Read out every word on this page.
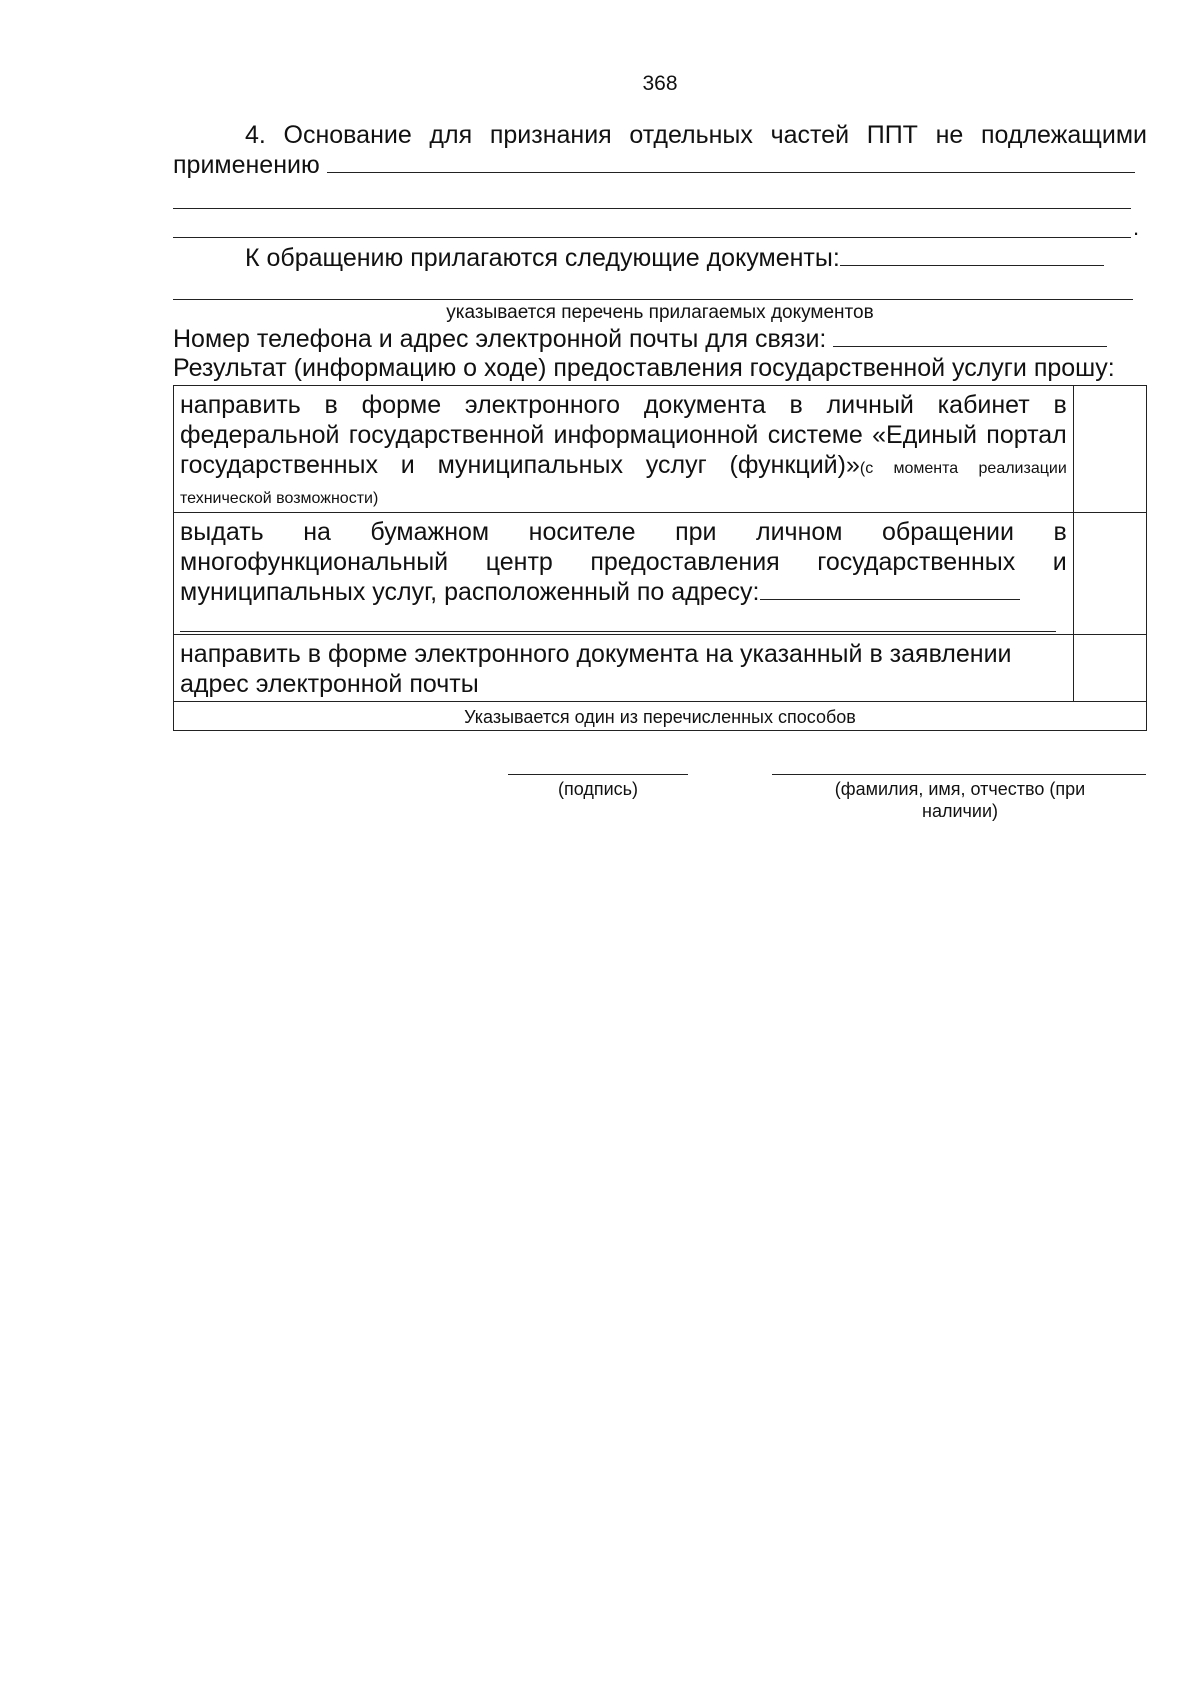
368
4. Основание для признания отдельных частей ППТ не подлежащими применению
.
К обращению прилагаются следующие документы:
указывается перечень прилагаемых документов
Номер телефона и адрес электронной почты для связи:
Результат (информацию о ходе) предоставления государственной услуги прошу:
направить в форме электронного документа в личный кабинет в федеральной государственной информационной системе «Единый портал государственных и муниципальных услуг (функций)»(с момента реализации технической возможности)	
выдать на бумажном носителе при личном обращении в многофункциональный центр предоставления государственных и муниципальных услуг, расположенный по адресу:

направить в форме электронного документа на указанный в заявлении адрес электронной почты	
Указывается один из перечисленных способов	
(подпись)	(фамилия, имя, отчество (при наличии)
